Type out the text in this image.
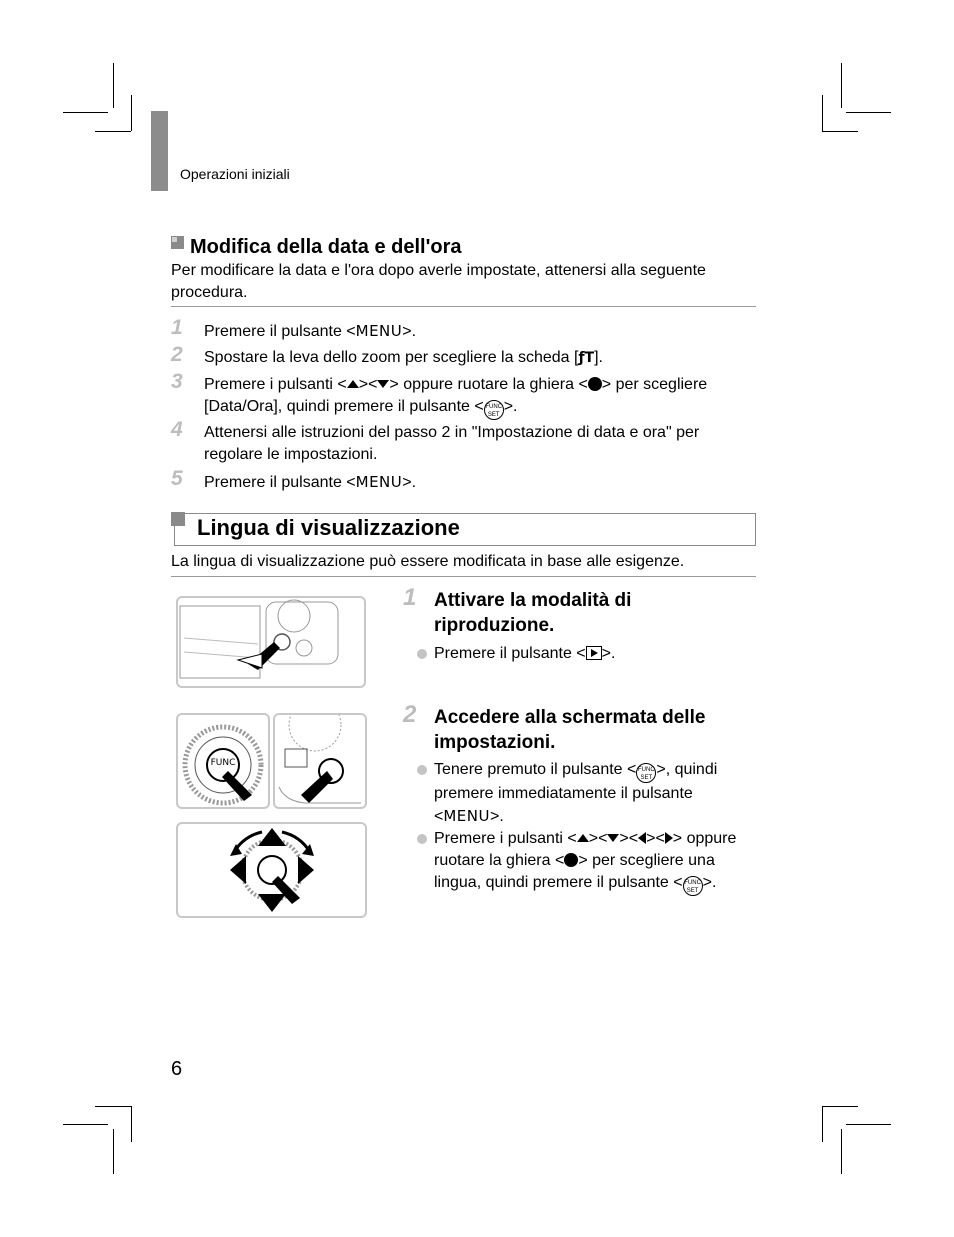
Operazioni iniziali
Modifica della data e dell'ora
Per modificare la data e l'ora dopo averle impostate, attenersi alla seguente procedura.
1	Premere il pulsante <MENU>.
2	Spostare la leva dello zoom per scegliere la scheda [ƒT].
3	Premere i pulsanti < >< > oppure ruotare la ghiera < > per scegliere [Data/Ora], quindi premere il pulsante < FUNC
SET >.
4	Attenersi alle istruzioni del passo 2 in "Impostazione di data e ora" per regolare le impostazioni.
5	Premere il pulsante <MENU>.
Lingua di visualizzazione
La lingua di visualizzazione può essere modificata in base alle esigenze.
FUNC
1 Attivare la modalità di riproduzione.
Premere il pulsante < >.
2 Accedere alla schermata delle impostazioni.
Tenere premuto il pulsante < FUNC
SET >, quindi premere immediatamente il pulsante <MENU>.
Premere i pulsanti < >< >< >< > oppure ruotare la ghiera < > per scegliere una lingua, quindi premere il pulsante < FUNC
SET >.
6
